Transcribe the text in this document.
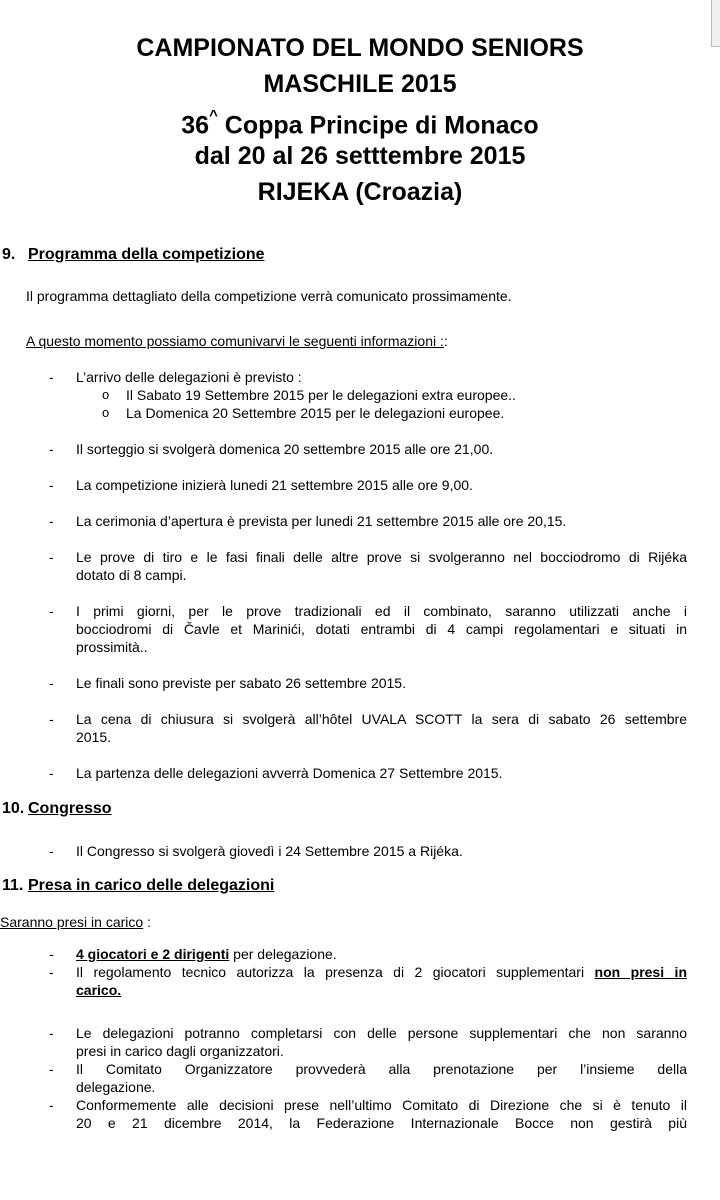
CAMPIONATO DEL MONDO SENIORS
MASCHILE 2015
36^ Coppa Principe di Monaco
dal 20 al 26 setttembre 2015
RIJEKA (Croazia)
9. Programma della competizione
Il programma dettagliato della competizione verrà comunicato prossimamente.
A questo momento possiamo comunivarvi le seguenti informazioni ::
- L’arrivo delle delegazioni è previsto :
o Il Sabato 19 Settembre 2015 per le delegazioni extra europee..
o La Domenica 20 Settembre 2015 per le delegazioni europee.
- Il sorteggio si svolgerà domenica 20 settembre 2015 alle ore 21,00.
- La competizione inizierà lunedi 21 settembre 2015 alle ore 9,00.
- La cerimonia d’apertura è prevista per lunedi 21 settembre 2015 alle ore 20,15.
- Le prove di tiro e le fasi finali delle altre prove si svolgeranno nel bocciodromo di Rijéka
dotato di 8 campi.
- I primi giorni, per le prove tradizionali ed il combinato, saranno utilizzati anche i
bocciodromi di Čavle et Marinići, dotati entrambi di 4 campi regolamentari e situati in
prossimità..
- Le finali sono previste per sabato 26 settembre 2015.
- La cena di chiusura si svolgerà all’hôtel UVALA SCOTT la sera di sabato 26 settembre
2015.
- La partenza delle delegazioni avverrà Domenica 27 Settembre 2015.
10. Congresso
- Il Congresso si svolgerà giovedì i 24 Settembre 2015 a Rijéka.
11. Presa in carico delle delegazioni
Saranno presi in carico :
- 4 giocatori e 2 dirigenti per delegazione.
- Il regolamento tecnico autorizza la presenza di 2 giocatori supplementari non presi in
carico.
- Le delegazioni potranno completarsi con delle persone supplementari che non saranno
presi in carico dagli organizzatori.
- Il Comitato Organizzatore provvederà alla prenotazione per l’insieme della
delegazione.
- Conformemente alle decisioni prese nell’ultimo Comitato di Direzione che si è tenuto il
20 e 21 dicembre 2014, la Federazione Internazionale Bocce non gestirà più
